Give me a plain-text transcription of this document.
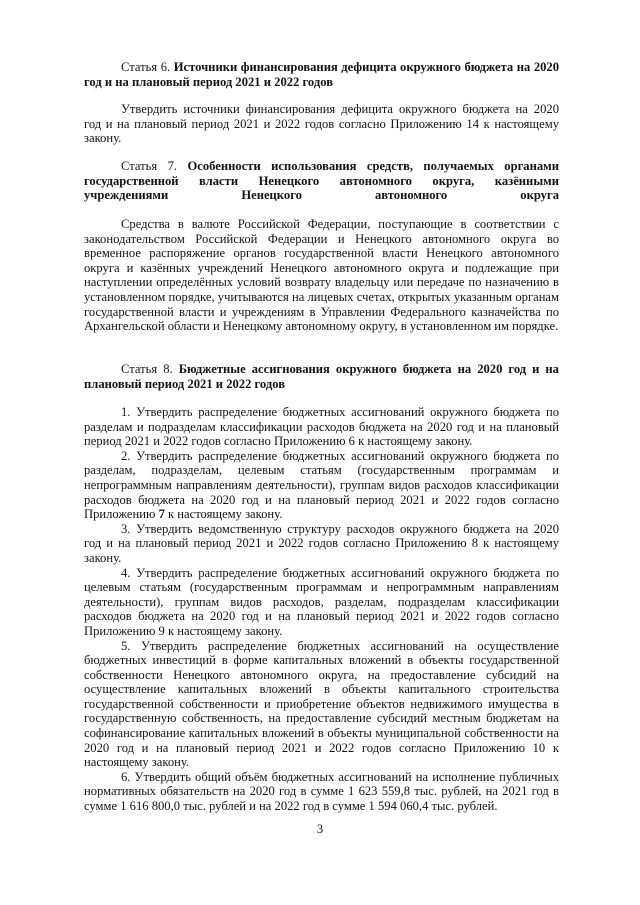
Статья 6. Источники финансирования дефицита окружного бюджета на 2020 год и на плановый период 2021 и 2022 годов

Утвердить источники финансирования дефицита окружного бюджета на 2020 год и на плановый период 2021 и 2022 годов согласно Приложению 14 к настоящему закону.

Статья 7. Особенности использования средств, получаемых органами государственной власти Ненецкого автономного округа, казёнными учреждениями Ненецкого автономного округа

Средства в валюте Российской Федерации, поступающие в соответствии с законодательством Российской Федерации и Ненецкого автономного округа во временное распоряжение органов государственной власти Ненецкого автономного округа и казённых учреждений Ненецкого автономного округа и подлежащие при наступлении определённых условий возврату владельцу или передаче по назначению в установленном порядке, учитываются на лицевых счетах, открытых указанным органам государственной власти и учреждениям в Управлении Федерального казначейства по Архангельской области и Ненецкому автономному округу, в установленном им порядке.

Статья 8. Бюджетные ассигнования окружного бюджета на 2020 год и на плановый период 2021 и 2022 годов

1. Утвердить распределение бюджетных ассигнований окружного бюджета по разделам и подразделам классификации расходов бюджета на 2020 год и на плановый период 2021 и 2022 годов согласно Приложению 6 к настоящему закону.

2. Утвердить распределение бюджетных ассигнований окружного бюджета по разделам, подразделам, целевым статьям (государственным программам и непрограммным направлениям деятельности), группам видов расходов классификации расходов бюджета на 2020 год и на плановый период 2021 и 2022 годов согласно Приложению 7 к настоящему закону.

3. Утвердить ведомственную структуру расходов окружного бюджета на 2020 год и на плановый период 2021 и 2022 годов согласно Приложению 8 к настоящему закону.

4. Утвердить распределение бюджетных ассигнований окружного бюджета по целевым статьям (государственным программам и непрограммным направлениям деятельности), группам видов расходов, разделам, подразделам классификации расходов бюджета на 2020 год и на плановый период 2021 и 2022 годов согласно Приложению 9 к настоящему закону.

5. Утвердить распределение бюджетных ассигнований на осуществление бюджетных инвестиций в форме капитальных вложений в объекты государственной собственности Ненецкого автономного округа, на предоставление субсидий на осуществление капитальных вложений в объекты капитального строительства государственной собственности и приобретение объектов недвижимого имущества в государственную собственность, на предоставление субсидий местным бюджетам на софинансирование капитальных вложений в объекты муниципальной собственности на 2020 год и на плановый период 2021 и 2022 годов согласно Приложению 10 к настоящему закону.

6. Утвердить общий объём бюджетных ассигнований на исполнение публичных нормативных обязательств на 2020 год в сумме 1 623 559,8 тыс. рублей, на 2021 год в сумме 1 616 800,0 тыс. рублей и на 2022 год в сумме 1 594 060,4 тыс. рублей.

3
